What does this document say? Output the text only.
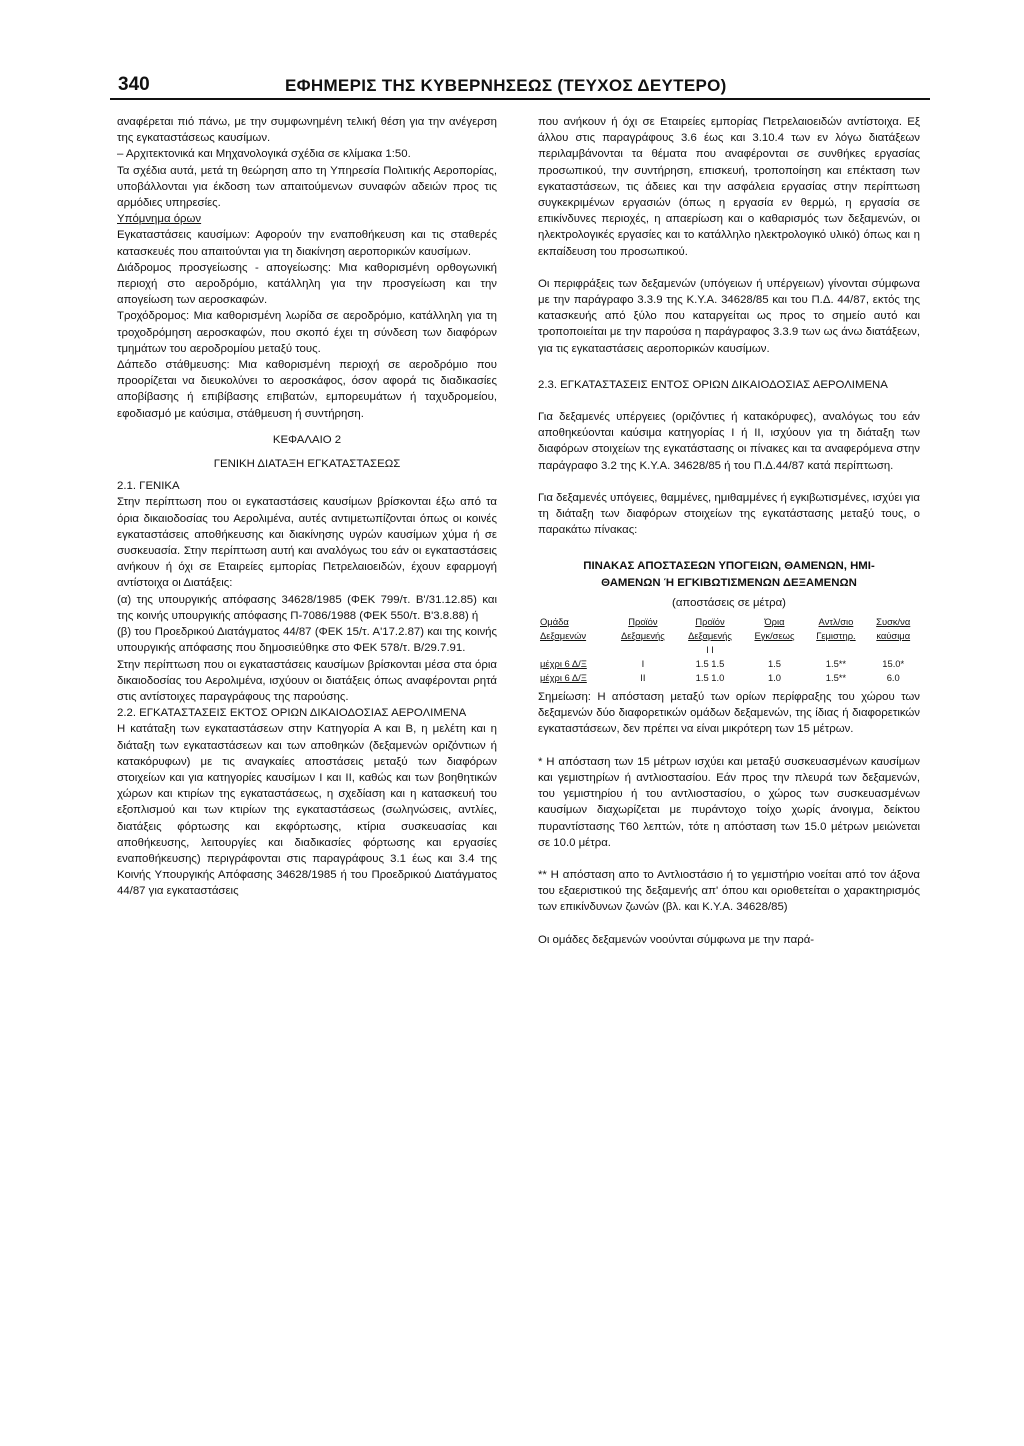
340	ΕΦΗΜΕΡΙΣ ΤΗΣ ΚΥΒΕΡΝΗΣΕΩΣ (ΤΕΥΧΟΣ ΔΕΥΤΕΡΟ)

αναφέρεται πιό πάνω, με την συμφωνημένη τελική θέση για την ανέγερση της εγκαταστάσεως καυσίμων.

– Αρχιτεκτονικά και Μηχανολογικά σχέδια σε κλίμακα 1:50.

Τα σχέδια αυτά, μετά τη θεώρηση απο τη Υπηρεσία Πολιτικής Αεροπορίας, υποβάλλονται για έκδοση των απαιτούμενων συναφών αδειών προς τις αρμόδιες υπηρεσίες.

Υπόμνημα όρων

Εγκαταστάσεις καυσίμων: Αφορούν την εναποθήκευση και τις σταθερές κατασκευές που απαιτούνται για τη διακίνηση αεροπορικών καυσίμων.

Διάδρομος προσγείωσης - απογείωσης: Μια καθορισμένη ορθογωνική περιοχή στο αεροδρόμιο, κατάλληλη για την προσγείωση και την απογείωση των αεροσκαφών.

Τροχόδρομος: Μια καθορισμένη λωρίδα σε αεροδρόμιο, κατάλληλη για τη τροχοδρόμηση αεροσκαφών, που σκοπό έχει τη σύνδεση των διαφόρων τμημάτων του αεροδρομίου μεταξύ τους.

Δάπεδο στάθμευσης: Μια καθορισμένη περιοχή σε αεροδρόμιο που προορίζεται να διευκολύνει το αεροσκάφος, όσον αφορά τις διαδικασίες αποβίβασης ή επιβίβασης επιβατών, εμπορευμάτων ή ταχυδρομείου, εφοδιασμό με καύσιμα, στάθμευση ή συντήρηση.

ΚΕΦΑΛΑΙΟ 2

ΓΕΝΙΚΗ ΔΙΑΤΑΞΗ ΕΓΚΑΤΑΣΤΑΣΕΩΣ

2.1. ΓΕΝΙΚΑ

Στην περίπτωση που οι εγκαταστάσεις καυσίμων βρίσκονται έξω από τα όρια δικαιοδοσίας του Αερολιμένα, αυτές αντιμετωπίζονται όπως οι κοινές εγκαταστάσεις αποθήκευσης και διακίνησης υγρών καυσίμων χύμα ή σε συσκευασία. Στην περίπτωση αυτή και αναλόγως του εάν οι εγκαταστάσεις ανήκουν ή όχι σε Εταιρείες εμπορίας Πετρελαιοειδών, έχουν εφαρμογή αντίστοιχα οι Διατάξεις:

(α) της υπουργικής απόφασης 34628/1985 (ΦΕΚ 799/τ. Β'/31.12.85) και της κοινής υπουργικής απόφασης Π-7086/1988 (ΦΕΚ 550/τ. Β'3.8.88) ή

(β) του Προεδρικού Διατάγματος 44/87 (ΦΕΚ 15/τ. Α'17.2.87) και της κοινής υπουργικής απόφασης που δημοσιεύθηκε στο ΦΕΚ 578/τ. Β/29.7.91.

Στην περίπτωση που οι εγκαταστάσεις καυσίμων βρίσκονται μέσα στα όρια δικαιοδοσίας του Αερολιμένα, ισχύουν οι διατάξεις όπως αναφέρονται ρητά στις αντίστοιχες παραγράφους της παρούσης.

2.2. ΕΓΚΑΤΑΣΤΑΣΕΙΣ ΕΚΤΟΣ ΟΡΙΩΝ ΔΙΚΑΙΟΔΟΣΙΑΣ ΑΕΡΟΛΙΜΕΝΑ

Η κατάταξη των εγκαταστάσεων στην Κατηγορία Α και Β, η μελέτη και η διάταξη των εγκαταστάσεων και των αποθηκών (δεξαμενών οριζόντιων ή κατακόρυφων) με τις αναγκαίες αποστάσεις μεταξύ των διαφόρων στοιχείων και για κατηγορίες καυσίμων Ι και ΙΙ, καθώς και των βοηθητικών χώρων και κτιρίων της εγκαταστάσεως, η σχεδίαση και η κατασκευή του εξοπλισμού και των κτιρίων της εγκαταστάσεως (σωληνώσεις, αντλίες, διατάξεις φόρτωσης και εκφόρτωσης, κτίρια συσκευασίας και αποθήκευσης, λειτουργίες και διαδικασίες φόρτωσης και εργασίες εναποθήκευσης) περιγράφονται στις παραγράφους 3.1 έως και 3.4 της Κοινής Υπουργικής Απόφασης 34628/1985 ή του Προεδρικού Διατάγματος 44/87 για εγκαταστάσεις

που ανήκουν ή όχι σε Εταιρείες εμπορίας Πετρελαιοειδών αντίστοιχα. Εξ άλλου στις παραγράφους 3.6 έως και 3.10.4 των εν λόγω διατάξεων περιλαμβάνονται τα θέματα που αναφέρονται σε συνθήκες εργασίας προσωπικού, την συντήρηση, επισκευή, τροποποίηση και επέκταση των εγκαταστάσεων, τις άδειες και την ασφάλεια εργασίας στην περίπτωση συγκεκριμένων εργασιών (όπως η εργασία εν θερμώ, η εργασία σε επικίνδυνες περιοχές, η απαερίωση και ο καθαρισμός των δεξαμενών, οι ηλεκτρολογικές εργασίες και το κατάλληλο ηλεκτρολογικό υλικό) όπως και η εκπαίδευση του προσωπικού.

Οι περιφράξεις των δεξαμενών (υπόγειων ή υπέργειων) γίνονται σύμφωνα με την παράγραφο 3.3.9 της Κ.Υ.Α. 34628/85 και του Π.Δ. 44/87, εκτός της κατασκευής από ξύλο που καταργείται ως προς το σημείο αυτό και τροποποιείται με την παρούσα η παράγραφος 3.3.9 των ως άνω διατάξεων, για τις εγκαταστάσεις αεροπορικών καυσίμων.

2.3. ΕΓΚΑΤΑΣΤΑΣΕΙΣ ΕΝΤΟΣ ΟΡΙΩΝ ΔΙΚΑΙΟΔΟΣΙΑΣ ΑΕΡΟΛΙΜΕΝΑ

Για δεξαμενές υπέργειες (οριζόντιες ή κατακόρυφες), αναλόγως του εάν αποθηκεύονται καύσιμα κατηγορίας Ι ή ΙΙ, ισχύουν για τη διάταξη των διαφόρων στοιχείων της εγκατάστασης οι πίνακες και τα αναφερόμενα στην παράγραφο 3.2 της Κ.Υ.Α. 34628/85 ή του Π.Δ.44/87 κατά περίπτωση.

Για δεξαμενές υπόγειες, θαμμένες, ημιθαμμένες ή εγκιβωτισμένες, ισχύει για τη διάταξη των διαφόρων στοιχείων της εγκατάστασης μεταξύ τους, ο παρακάτω πίνακας:

ΠΙΝΑΚΑΣ ΑΠΟΣΤΑΣΕΩΝ ΥΠΟΓΕΙΩΝ, ΘΑΜΕΝΩΝ, ΗΜΙ-

ΘΑΜΕΝΩΝ Ή ΕΓΚΙΒΩΤΙΣΜΕΝΩΝ ΔΕΞΑΜΕΝΩΝ

(αποστάσεις σε μέτρα)

Ομάδα	Προϊόν	Προϊόν	Όρια	Αντλ/σιο	Συσκ/να
Δεξαμενών	Δεξαμενής	Δεξαμενής	Εγκ/σεως	Γεμιστηρ.	καύσιμα
		Ι Ι			
μέχρι 6 Δ/Ξ	Ι	1.5 1.5	1.5	1.5**	15.0*
μέχρι 6 Δ/Ξ	ΙΙ	1.5 1.0	1.0	1.5**	6.0

Σημείωση: Η απόσταση μεταξύ των ορίων περίφραξης του χώρου των δεξαμενών δύο διαφορετικών ομάδων δεξαμενών, της ίδιας ή διαφορετικών εγκαταστάσεων, δεν πρέπει να είναι μικρότερη των 15 μέτρων.

* Η απόσταση των 15 μέτρων ισχύει και μεταξύ συσκευασμένων καυσίμων και γεμιστηρίων ή αντλιοστασίου. Εάν προς την πλευρά των δεξαμενών, του γεμιστηρίου ή του αντλιοστασίου, ο χώρος των συσκευασμένων καυσίμων διαχωρίζεται με πυράντοχο τοίχο χωρίς άνοιγμα, δείκτου πυραντίστασης Τ60 λεπτών, τότε η απόσταση των 15.0 μέτρων μειώνεται σε 10.0 μέτρα.

** Η απόσταση απο το Αντλιοστάσιο ή το γεμιστήριο νοείται από τον άξονα του εξαεριστικού της δεξαμενής απ' όπου και οριοθετείται ο χαρακτηρισμός των επικίνδυνων ζωνών (βλ. και Κ.Υ.Α. 34628/85)

Οι ομάδες δεξαμενών νοούνται σύμφωνα με την παρά-
